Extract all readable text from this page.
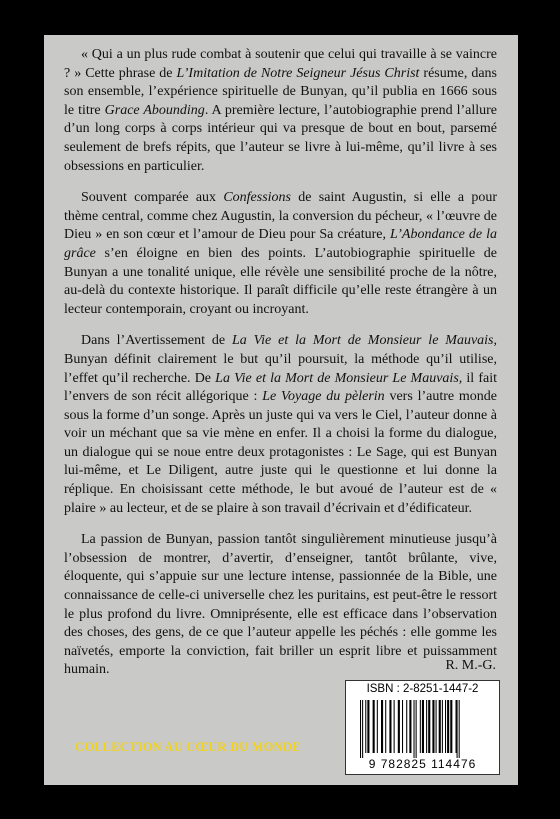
« Qui a un plus rude combat à soutenir que celui qui travaille à se vaincre ? » Cette phrase de L’Imitation de Notre Seigneur Jésus Christ résume, dans son ensemble, l’expérience spirituelle de Bunyan, qu’il publia en 1666 sous le titre Grace Abounding. A première lecture, l’autobiographie prend l’allure d’un long corps à corps intérieur qui va presque de bout en bout, parsemé seulement de brefs répits, que l’auteur se livre à lui-même, qu’il livre à ses obsessions en particulier.

Souvent comparée aux Confessions de saint Augustin, si elle a pour thème central, comme chez Augustin, la conversion du pécheur, « l’œuvre de Dieu » en son cœur et l’amour de Dieu pour Sa créature, L’Abondance de la grâce s’en éloigne en bien des points. L’autobiographie spirituelle de Bunyan a une tonalité unique, elle révèle une sensibilité proche de la nôtre, au-delà du contexte historique. Il paraît difficile qu’elle reste étrangère à un lecteur contemporain, croyant ou incroyant.

Dans l’Avertissement de La Vie et la Mort de Monsieur le Mauvais, Bunyan définit clairement le but qu’il poursuit, la méthode qu’il utilise, l’effet qu’il recherche. De La Vie et la Mort de Monsieur Le Mauvais, il fait l’envers de son récit allégorique : Le Voyage du pèlerin vers l’autre monde sous la forme d’un songe. Après un juste qui va vers le Ciel, l’auteur donne à voir un méchant que sa vie mène en enfer. Il a choisi la forme du dialogue, un dialogue qui se noue entre deux protagonistes : Le Sage, qui est Bunyan lui-même, et Le Diligent, autre juste qui le questionne et lui donne la réplique. En choisissant cette méthode, le but avoué de l’auteur est de « plaire » au lecteur, et de se plaire à son travail d’écrivain et d’édificateur.

La passion de Bunyan, passion tantôt singulièrement minutieuse jusqu’à l’obsession de montrer, d’avertir, d’enseigner, tantôt brûlante, vive, éloquente, qui s’appuie sur une lecture intense, passionnée de la Bible, une connaissance de celle-ci universelle chez les puritains, est peut-être le ressort le plus profond du livre. Omniprésente, elle est efficace dans l’observation des choses, des gens, de ce que l’auteur appelle les péchés : elle gomme les naïvetés, emporte la conviction, fait briller un esprit libre et puissamment humain.	R. M.-G.
ISBN : 2-8251-1447-2
9 782825 114476
COLLECTION AU CŒUR DU MONDE
